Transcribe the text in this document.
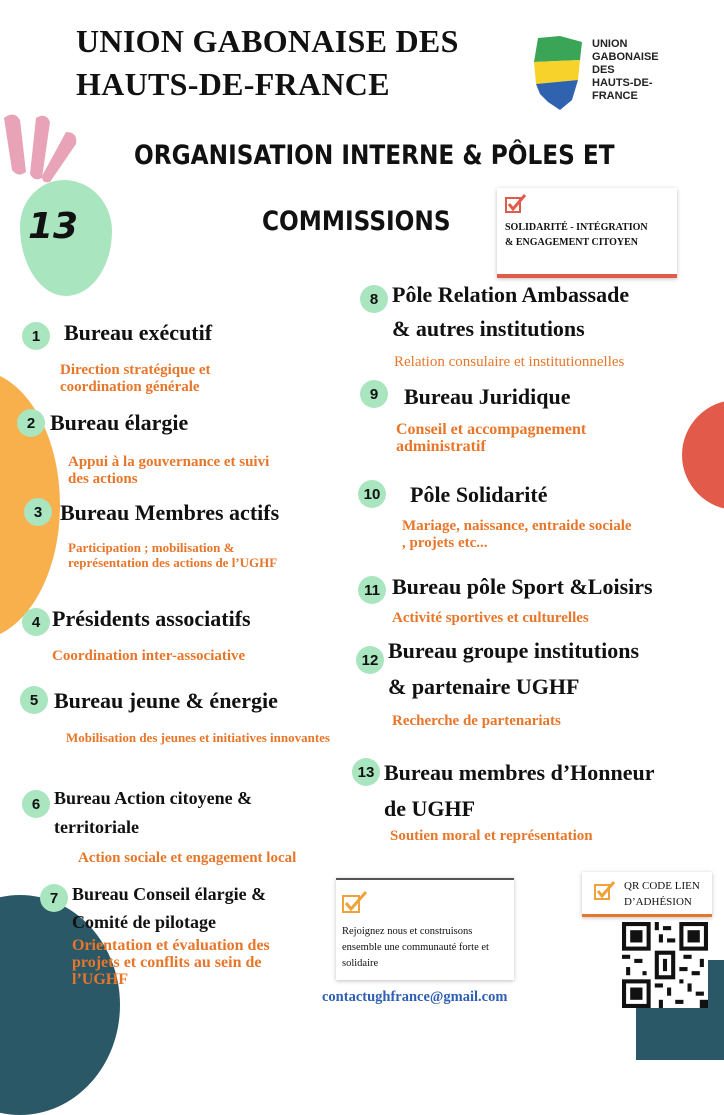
UNION GABONAISE DES
HAUTS-DE-FRANCE
UNION
GABONAISE
DES
HAUTS-DE-
FRANCE
ORGANISATION INTERNE & PÔLES ET
COMMISSIONS
13	SOLIDARITÉ - INTÉGRATION
& ENGAGEMENT CITOYEN
1	Bureau exécutif
Direction stratégique et coordination générale
2 Bureau élargie
Appui à la gouvernance et suivi des actions
3 Bureau Membres actifs
Participation ; mobilisation & représentation des actions de l’UGHF
4 Présidents associatifs
Coordination inter-associative
5 Bureau jeune & énergie
Mobilisation des jeunes et initiatives innovantes
6 Bureau Action citoyene &
territoriale
Action sociale et engagement local
7 Bureau Conseil élargie &
Comité de pilotage
Orientation et évaluation des projets et conflits au sein de l’UGHF
8 Pôle Relation Ambassade
& autres institutions
Relation consulaire et institutionnelles
9	Bureau Juridique
Conseil et accompagnement administratif
10 Pôle Solidarité
Mariage, naissance, entraide sociale , projets etc...
11 Bureau pôle Sport &Loisirs
Activité sportives et culturelles
12 Bureau groupe institutions
& partenaire UGHF
Recherche de partenariats
13 Bureau membres d’Honneur
de UGHF
Soutien moral et représentation
Rejoignez nous et construisons ensemble une communauté forte et solidaire
QR CODE LIEN
D’ADHÉSION
contactughfrance@gmail.com
